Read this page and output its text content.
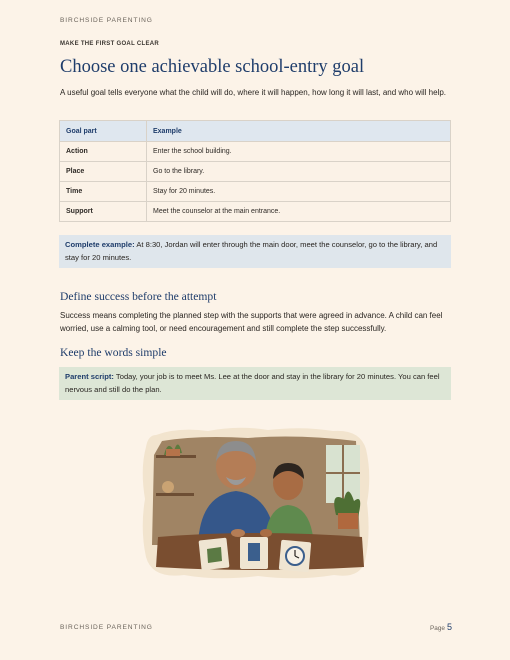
BIRCHSIDE PARENTING
MAKE THE FIRST GOAL CLEAR
Choose one achievable school-entry goal

A useful goal tells everyone what the child will do, where it will happen, how long it will last, and who will help.

Goal part	Example
Action	Enter the school building.
Place	Go to the library.
Time	Stay for 20 minutes.
Support	Meet the counselor at the main entrance.

Complete example: At 8:30, Jordan will enter through the main door, meet the counselor, go to the library, and stay for 20 minutes.

Define success before the attempt

Success means completing the planned step with the supports that were agreed in advance. A child can feel worried, use a calming tool, or need encouragement and still complete the step successfully.

Keep the words simple

Parent script: Today, your job is to meet Ms. Lee at the door and stay in the library for 20 minutes. You can feel nervous and still do the plan.

BIRCHSIDE PARENTING	Page 5
